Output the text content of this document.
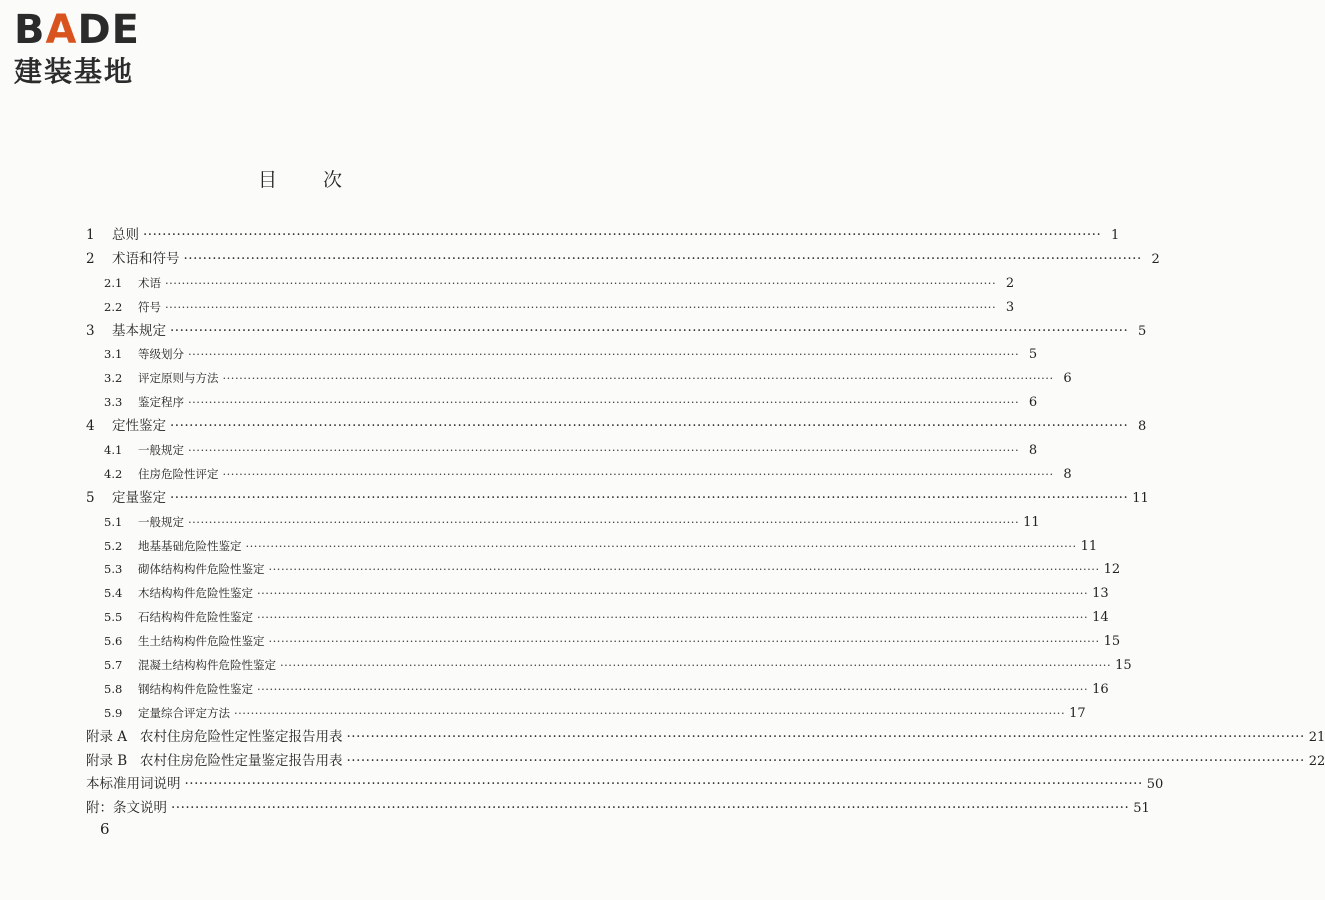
BADE
建装基地
目 次
1	总则 ········································································································································································································ 1
2	术语和符号 ········································································································································································································ 2
2.1	术语 ········································································································································································································ 2
2.2	符号 ········································································································································································································ 3
3	基本规定 ········································································································································································································ 5
3.1	等级划分 ········································································································································································································ 5
3.2	评定原则与方法 ········································································································································································································ 6
3.3	鉴定程序 ········································································································································································································ 6
4	定性鉴定 ········································································································································································································ 8
4.1	一般规定 ········································································································································································································ 8
4.2	住房危险性评定 ········································································································································································································ 8
5	定量鉴定 ········································································································································································································ 11
5.1	一般规定 ········································································································································································································ 11
5.2	地基基础危险性鉴定 ········································································································································································································ 11
5.3	砌体结构构件危险性鉴定 ········································································································································································································ 12
5.4	木结构构件危险性鉴定 ········································································································································································································ 13
5.5	石结构构件危险性鉴定 ········································································································································································································ 14
5.6	生土结构构件危险性鉴定 ········································································································································································································ 15
5.7	混凝土结构构件危险性鉴定 ········································································································································································································ 15
5.8	钢结构构件危险性鉴定 ········································································································································································································ 16
5.9	定量综合评定方法 ········································································································································································································ 17
附录 A 农村住房危险性定性鉴定报告用表 ········································································································································································································ 21
附录 B 农村住房危险性定量鉴定报告用表 ········································································································································································································ 22
本标准用词说明 ········································································································································································································ 50
附：条文说明 ········································································································································································································ 51
6
